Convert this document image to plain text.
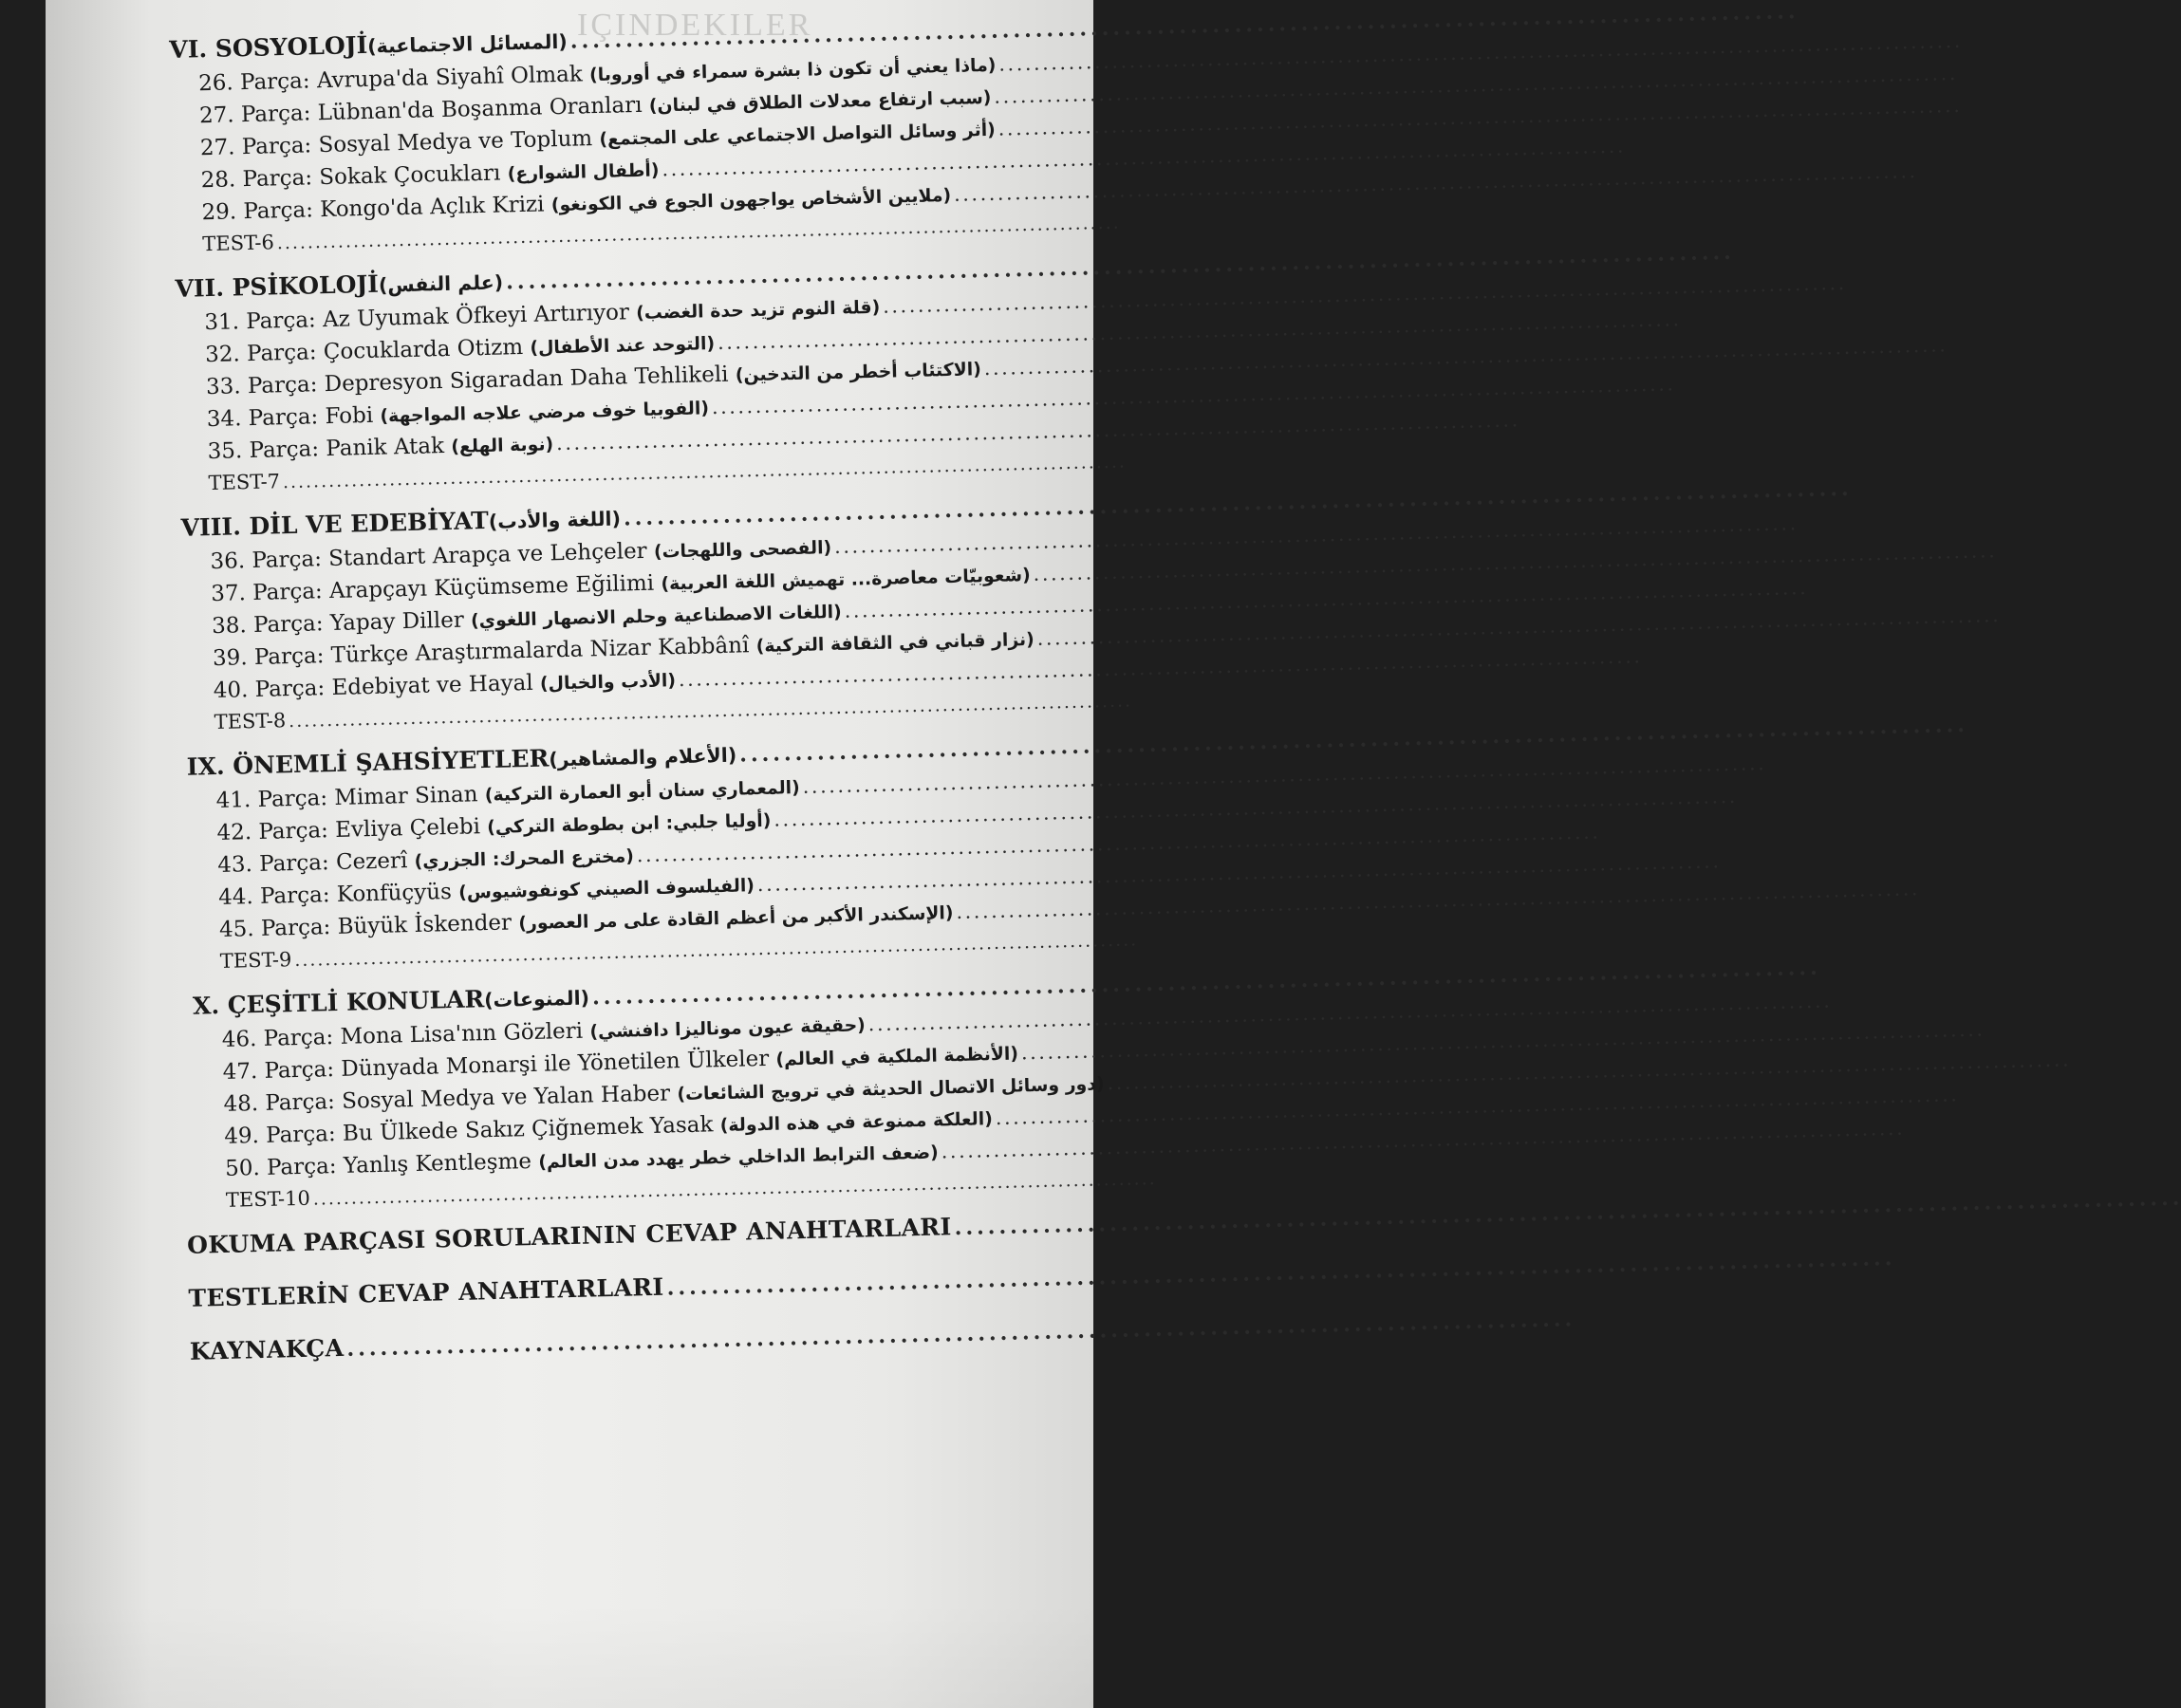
IÇINDEKILER
VI. SOSYOLOJİ (المسائل الاجتماعية)
. . .
26. Parça: Avrupa'da Siyahî Olmak
(ماذا يعني أن تكون ذا بشرة سمراء في أوروبا)
. . .
27. Parça: Lübnan'da Boşanma Oranları
(سبب ارتفاع معدلات الطلاق في لبنان)
. . .
27. Parça: Sosyal Medya ve Toplum
(أثر وسائل التواصل الاجتماعي على المجتمع)
. . .
28. Parça: Sokak Çocukları
(أطفال الشوارع)
. . .
29. Parça: Kongo'da Açlık Krizi
(ملايين الأشخاص يواجهون الجوع في الكونغو)
. . .
TEST-6
. . .
VII. PSİKOLOJİ (علم النفس)
. . .
31. Parça: Az Uyumak Öfkeyi Artırıyor
(قلة النوم تزيد حدة الغضب)
. . .
32. Parça: Çocuklarda Otizm
(التوحد عند الأطفال)
. . .
33. Parça: Depresyon Sigaradan Daha Tehlikeli
(الاكتئاب أخطر من التدخين)
. . .
34. Parça: Fobi
(الفوبيا خوف مرضي علاجه المواجهة)
. . .
35. Parça: Panik Atak
(نوبة الهلع)
. . .
TEST-7
. . .
VIII. DİL VE EDEBİYAT (اللغة والأدب)
. . .
36. Parça: Standart Arapça ve Lehçeler
(الفصحى واللهجات)
. . .
37. Parça: Arapçayı Küçümseme Eğilimi
(شعوبيّات معاصرة... تهميش اللغة العربية)
. . .
38. Parça: Yapay Diller
(اللغات الاصطناعية وحلم الانصهار اللغوي)
. . .
39. Parça: Türkçe Araştırmalarda Nizar Kabbânî
(نزار قباني في الثقافة التركية)
. . .
40. Parça: Edebiyat ve Hayal
(الأدب والخيال)
. . .
TEST-8
. . .
IX. ÖNEMLİ ŞAHSİYETLER (الأعلام والمشاهير)
. . .
41. Parça: Mimar Sinan
(المعماري سنان أبو العمارة التركية)
. . .
42. Parça: Evliya Çelebi
(أوليا جلبي: ابن بطوطة التركي)
. . .
43. Parça: Cezerî
(مخترع المحرك: الجزري)
. . .
44. Parça: Konfüçyüs
(الفيلسوف الصيني كونفوشيوس)
. . .
45. Parça: Büyük İskender
(الإسكندر الأكبر من أعظم القادة على مر العصور)
. . .
TEST-9
. . .
X. ÇEŞİTLİ KONULAR (المنوعات)
. . .
46. Parça: Mona Lisa'nın Gözleri
(حقيقة عيون موناليزا دافنشي)
. . .
47. Parça: Dünyada Monarşi ile Yönetilen Ülkeler
(الأنظمة الملكية في العالم)
. . .
48. Parça: Sosyal Medya ve Yalan Haber
(دور وسائل الاتصال الحديثة في ترويج الشائعات)
. . .
49. Parça: Bu Ülkede Sakız Çiğnemek Yasak
(العلكة ممنوعة في هذه الدولة)
. . .
50. Parça: Yanlış Kentleşme
(ضعف الترابط الداخلي خطر يهدد مدن العالم)
. . .
TEST-10
. . .
OKUMA PARÇASI SORULARININ CEVAP ANAHTARLARI
. . .
TESTLERİN CEVAP ANAHTARLARI
. . .
KAYNAKÇA
. . .
